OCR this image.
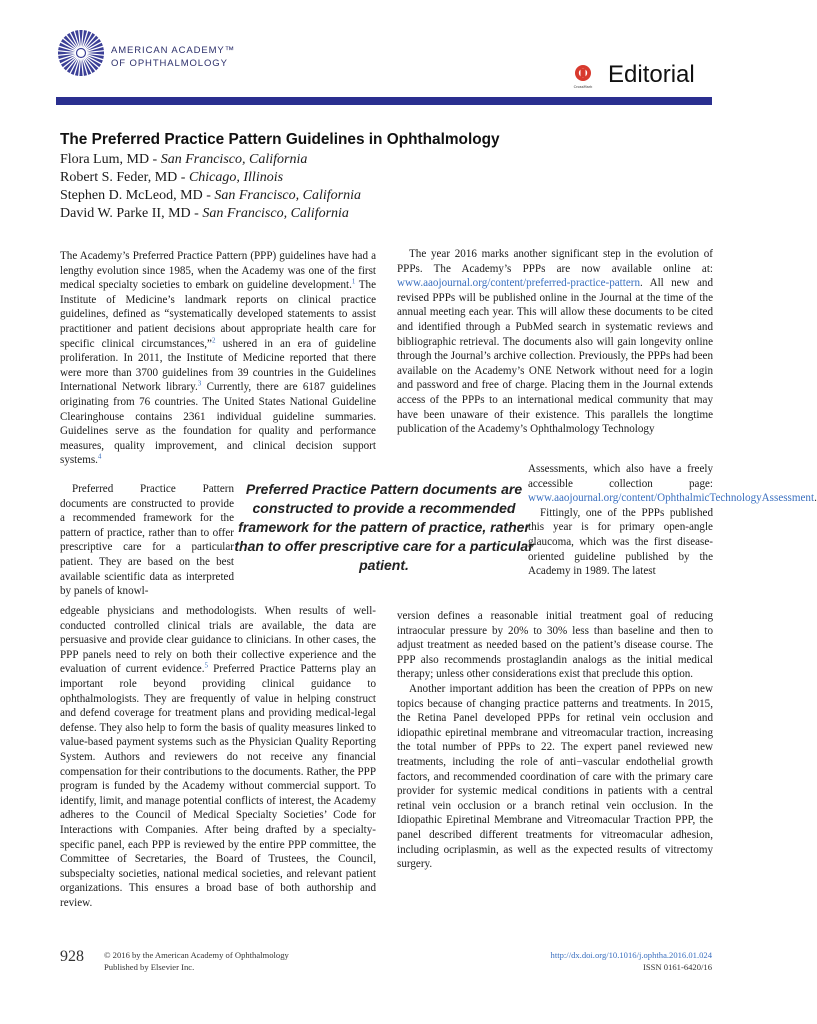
AMERICAN ACADEMY™
OF OPHTHALMOLOGY
CrossMark Editorial
The Preferred Practice Pattern Guidelines in Ophthalmology
Flora Lum, MD - San Francisco, California
Robert S. Feder, MD - Chicago, Illinois
Stephen D. McLeod, MD - San Francisco, California
David W. Parke II, MD - San Francisco, California

The Academy’s Preferred Practice Pattern (PPP) guidelines have had a lengthy evolution since 1985, when the Academy was one of the first medical specialty societies to embark on guideline development.$^1$ The Institute of Medicine’s landmark reports on clinical practice guidelines, defined as “systematically developed statements to assist practitioner and patient decisions about appropriate health care for specific clinical circumstances,”$^2$ ushered in an era of guideline proliferation. In 2011, the Institute of Medicine reported that there were more than 3700 guidelines from 39 countries in the Guidelines International Network library.$^3$ Currently, there are 6187 guidelines originating from 76 countries. The United States National Guideline Clearinghouse contains 2361 individual guideline summaries. Guidelines serve as the foundation for quality and performance measures, quality improvement, and clinical decision support systems.$^4$

Preferred Practice Pattern documents are constructed to provide a recommended framework for the pattern of practice, rather than to offer prescriptive care for a particular patient. They are based on the best available scientific data as interpreted by panels of knowl-

edgeable physicians and methodologists. When results of well-conducted controlled clinical trials are available, the data are persuasive and provide clear guidance to clinicians. In other cases, the PPP panels need to rely on both their collective experience and the evaluation of current evidence.$^5$ Preferred Practice Patterns play an important role beyond providing clinical guidance to ophthalmologists. They are frequently of value in helping construct and defend coverage for treatment plans and providing medical-legal defense. They also help to form the basis of quality measures linked to value-based payment systems such as the Physician Quality Reporting System. Authors and reviewers do not receive any financial compensation for their contributions to the documents. Rather, the PPP program is funded by the Academy without commercial support. To identify, limit, and manage potential conflicts of interest, the Academy adheres to the Council of Medical Specialty Societies’ Code for Interactions with Companies. After being drafted by a specialty-specific panel, each PPP is reviewed by the entire PPP committee, the Committee of Secretaries, the Board of Trustees, the Council, subspecialty societies, national medical societies, and relevant patient organizations. This ensures a broad base of both authorship and review.

Preferred Practice Pattern documents are constructed to provide a recommended framework for the pattern of practice, rather than to offer prescriptive care for a particular patient.

The year 2016 marks another significant step in the evolution of PPPs. The Academy’s PPPs are now available online at: www.aaojournal.org/content/preferred-practice-pattern. All new and revised PPPs will be published online in the Journal at the time of the annual meeting each year. This will allow these documents to be cited and identified through a PubMed search in systematic reviews and bibliographic retrieval. The documents also will gain longevity online through the Journal’s archive collection. Previously, the PPPs had been available on the Academy’s ONE Network without need for a login and password and free of charge. Placing them in the Journal extends access of the PPPs to an international medical community that may have been unaware of their existence. This parallels the longtime publication of the Academy’s Ophthalmology Technology

Assessments, which also have a freely accessible collection page: www.aaojournal.org/content/OphthalmicTechnologyAssessment.

Fittingly, one of the PPPs published this year is for primary open-angle glaucoma, which was the first disease-oriented guideline published by the Academy in 1989. The latest

version defines a reasonable initial treatment goal of reducing intraocular pressure by 20% to 30% less than baseline and then to adjust treatment as needed based on the patient’s disease course. The PPP also recommends prostaglandin analogs as the initial medical therapy; unless other considerations exist that preclude this option.

Another important addition has been the creation of PPPs on new topics because of changing practice patterns and treatments. In 2015, the Retina Panel developed PPPs for retinal vein occlusion and idiopathic epiretinal membrane and vitreomacular traction, increasing the total number of PPPs to 22. The expert panel reviewed new treatments, including the role of anti−vascular endothelial growth factors, and recommended coordination of care with the primary care provider for systemic medical conditions in patients with a central retinal vein occlusion or a branch retinal vein occlusion. In the Idiopathic Epiretinal Membrane and Vitreomacular Traction PPP, the panel described different treatments for vitreomacular adhesion, including ocriplasmin, as well as the expected results of vitrectomy surgery.

928 © 2016 by the American Academy of Ophthalmology
Published by Elsevier Inc.
http://dx.doi.org/10.1016/j.ophtha.2016.01.024
ISSN 0161-6420/16
